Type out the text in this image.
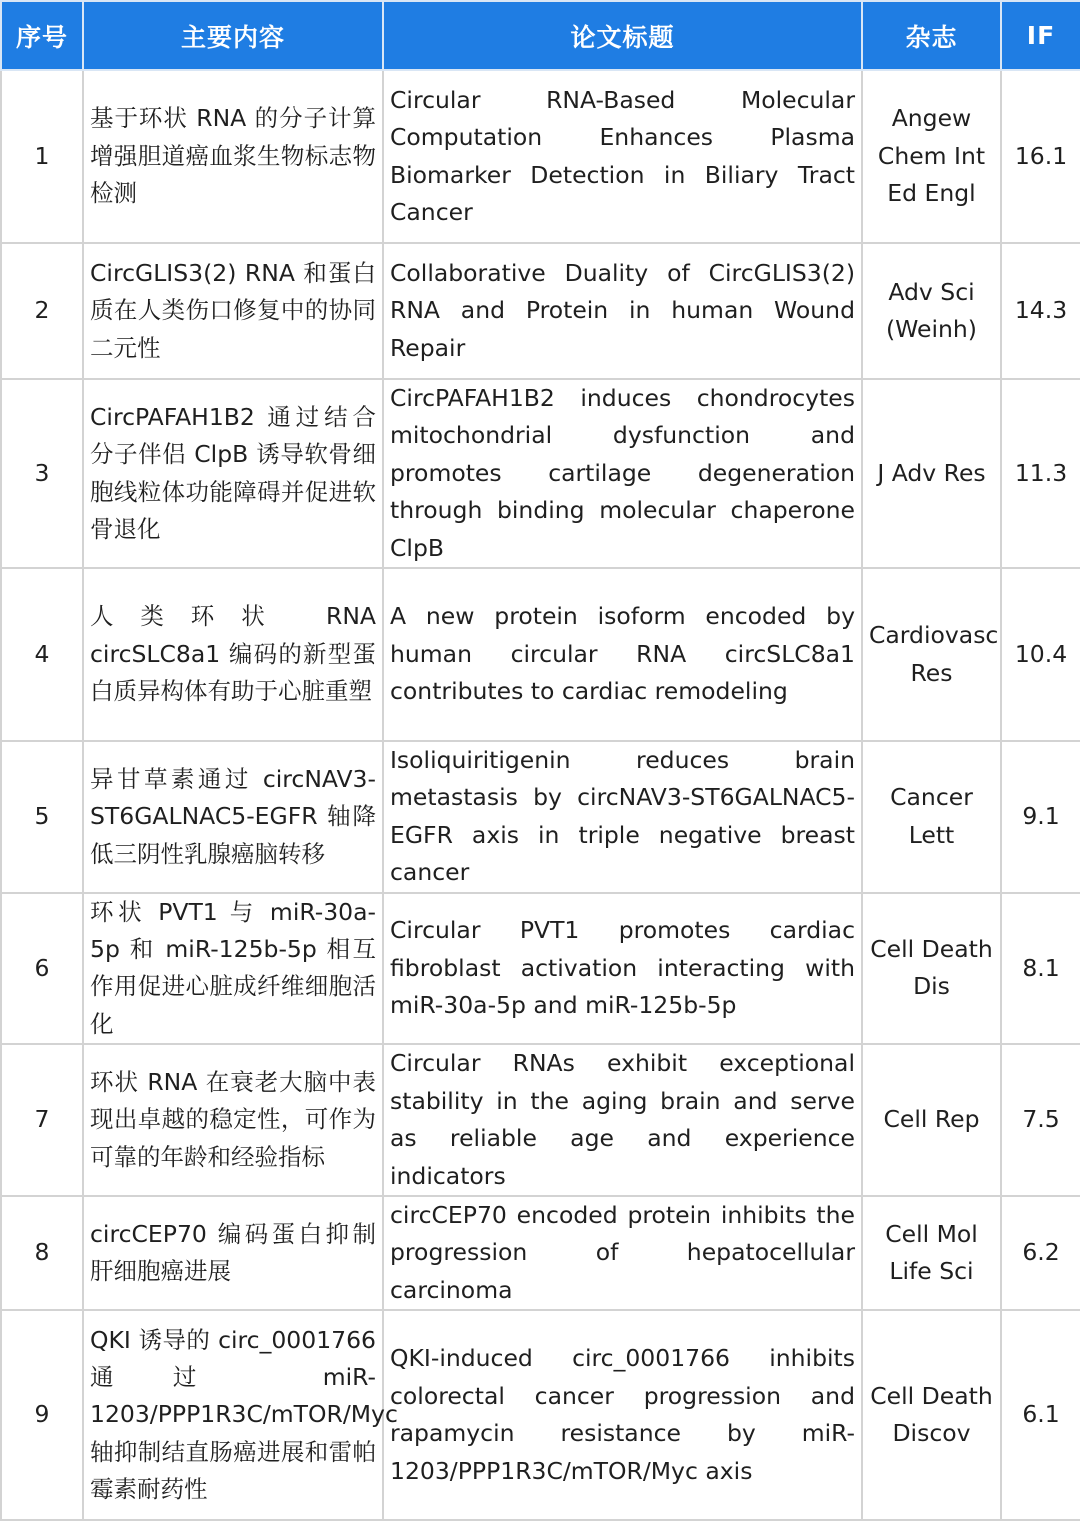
序号	主要内容	论文标题	杂志	IF
1	基于环状 RNA 的分子计算增强胆道癌血浆生物标志物检测	Circular RNA-Based Molecular Computation Enhances Plasma Biomarker Detection in Biliary Tract Cancer	Angew Chem Int Ed Engl	16.1
2	CircGLIS3(2) RNA 和蛋白质在人类伤口修复中的协同二元性	Collaborative Duality of CircGLIS3(2) RNA and Protein in human Wound Repair	Adv Sci (Weinh)	14.3
3	CircPAFAH1B2 通过结合分子伴侣 ClpB 诱导软骨细胞线粒体功能障碍并促进软骨退化	CircPAFAH1B2 induces chondrocytes mitochondrial dysfunction and promotes cartilage degeneration through binding molecular chaperone ClpB	J Adv Res	11.3
4	人类环状 RNA circSLC8a1 编码的新型蛋白质异构体有助于心脏重塑	A new protein isoform encoded by human circular RNA circSLC8a1 contributes to cardiac remodeling	Cardiovasc Res	10.4
5	异甘草素通过 circNAV3-ST6GALNAC5-EGFR 轴降低三阴性乳腺癌脑转移	Isoliquiritigenin reduces brain metastasis by circNAV3-ST6GALNAC5-EGFR axis in triple negative breast cancer	Cancer Lett	9.1
6	环状 PVT1 与 miR-30a-5p 和 miR-125b-5p 相互作用促进心脏成纤维细胞活化	Circular PVT1 promotes cardiac fibroblast activation interacting with miR-30a-5p and miR-125b-5p	Cell Death Dis	8.1
7	环状 RNA 在衰老大脑中表现出卓越的稳定性，可作为可靠的年龄和经验指标	Circular RNAs exhibit exceptional stability in the aging brain and serve as reliable age and experience indicators	Cell Rep	7.5
8	circCEP70 编码蛋白抑制肝细胞癌进展	circCEP70 encoded protein inhibits the progression of hepatocellular carcinoma	Cell Mol Life Sci	6.2
9	QKI 诱导的 circ_0001766 通过 miR-1203/PPP1R3C/mTOR/Myc 轴抑制结直肠癌进展和雷帕霉素耐药性	QKI-induced circ_0001766 inhibits colorectal cancer progression and rapamycin resistance by miR-1203/PPP1R3C/mTOR/Myc axis	Cell Death Discov	6.1
